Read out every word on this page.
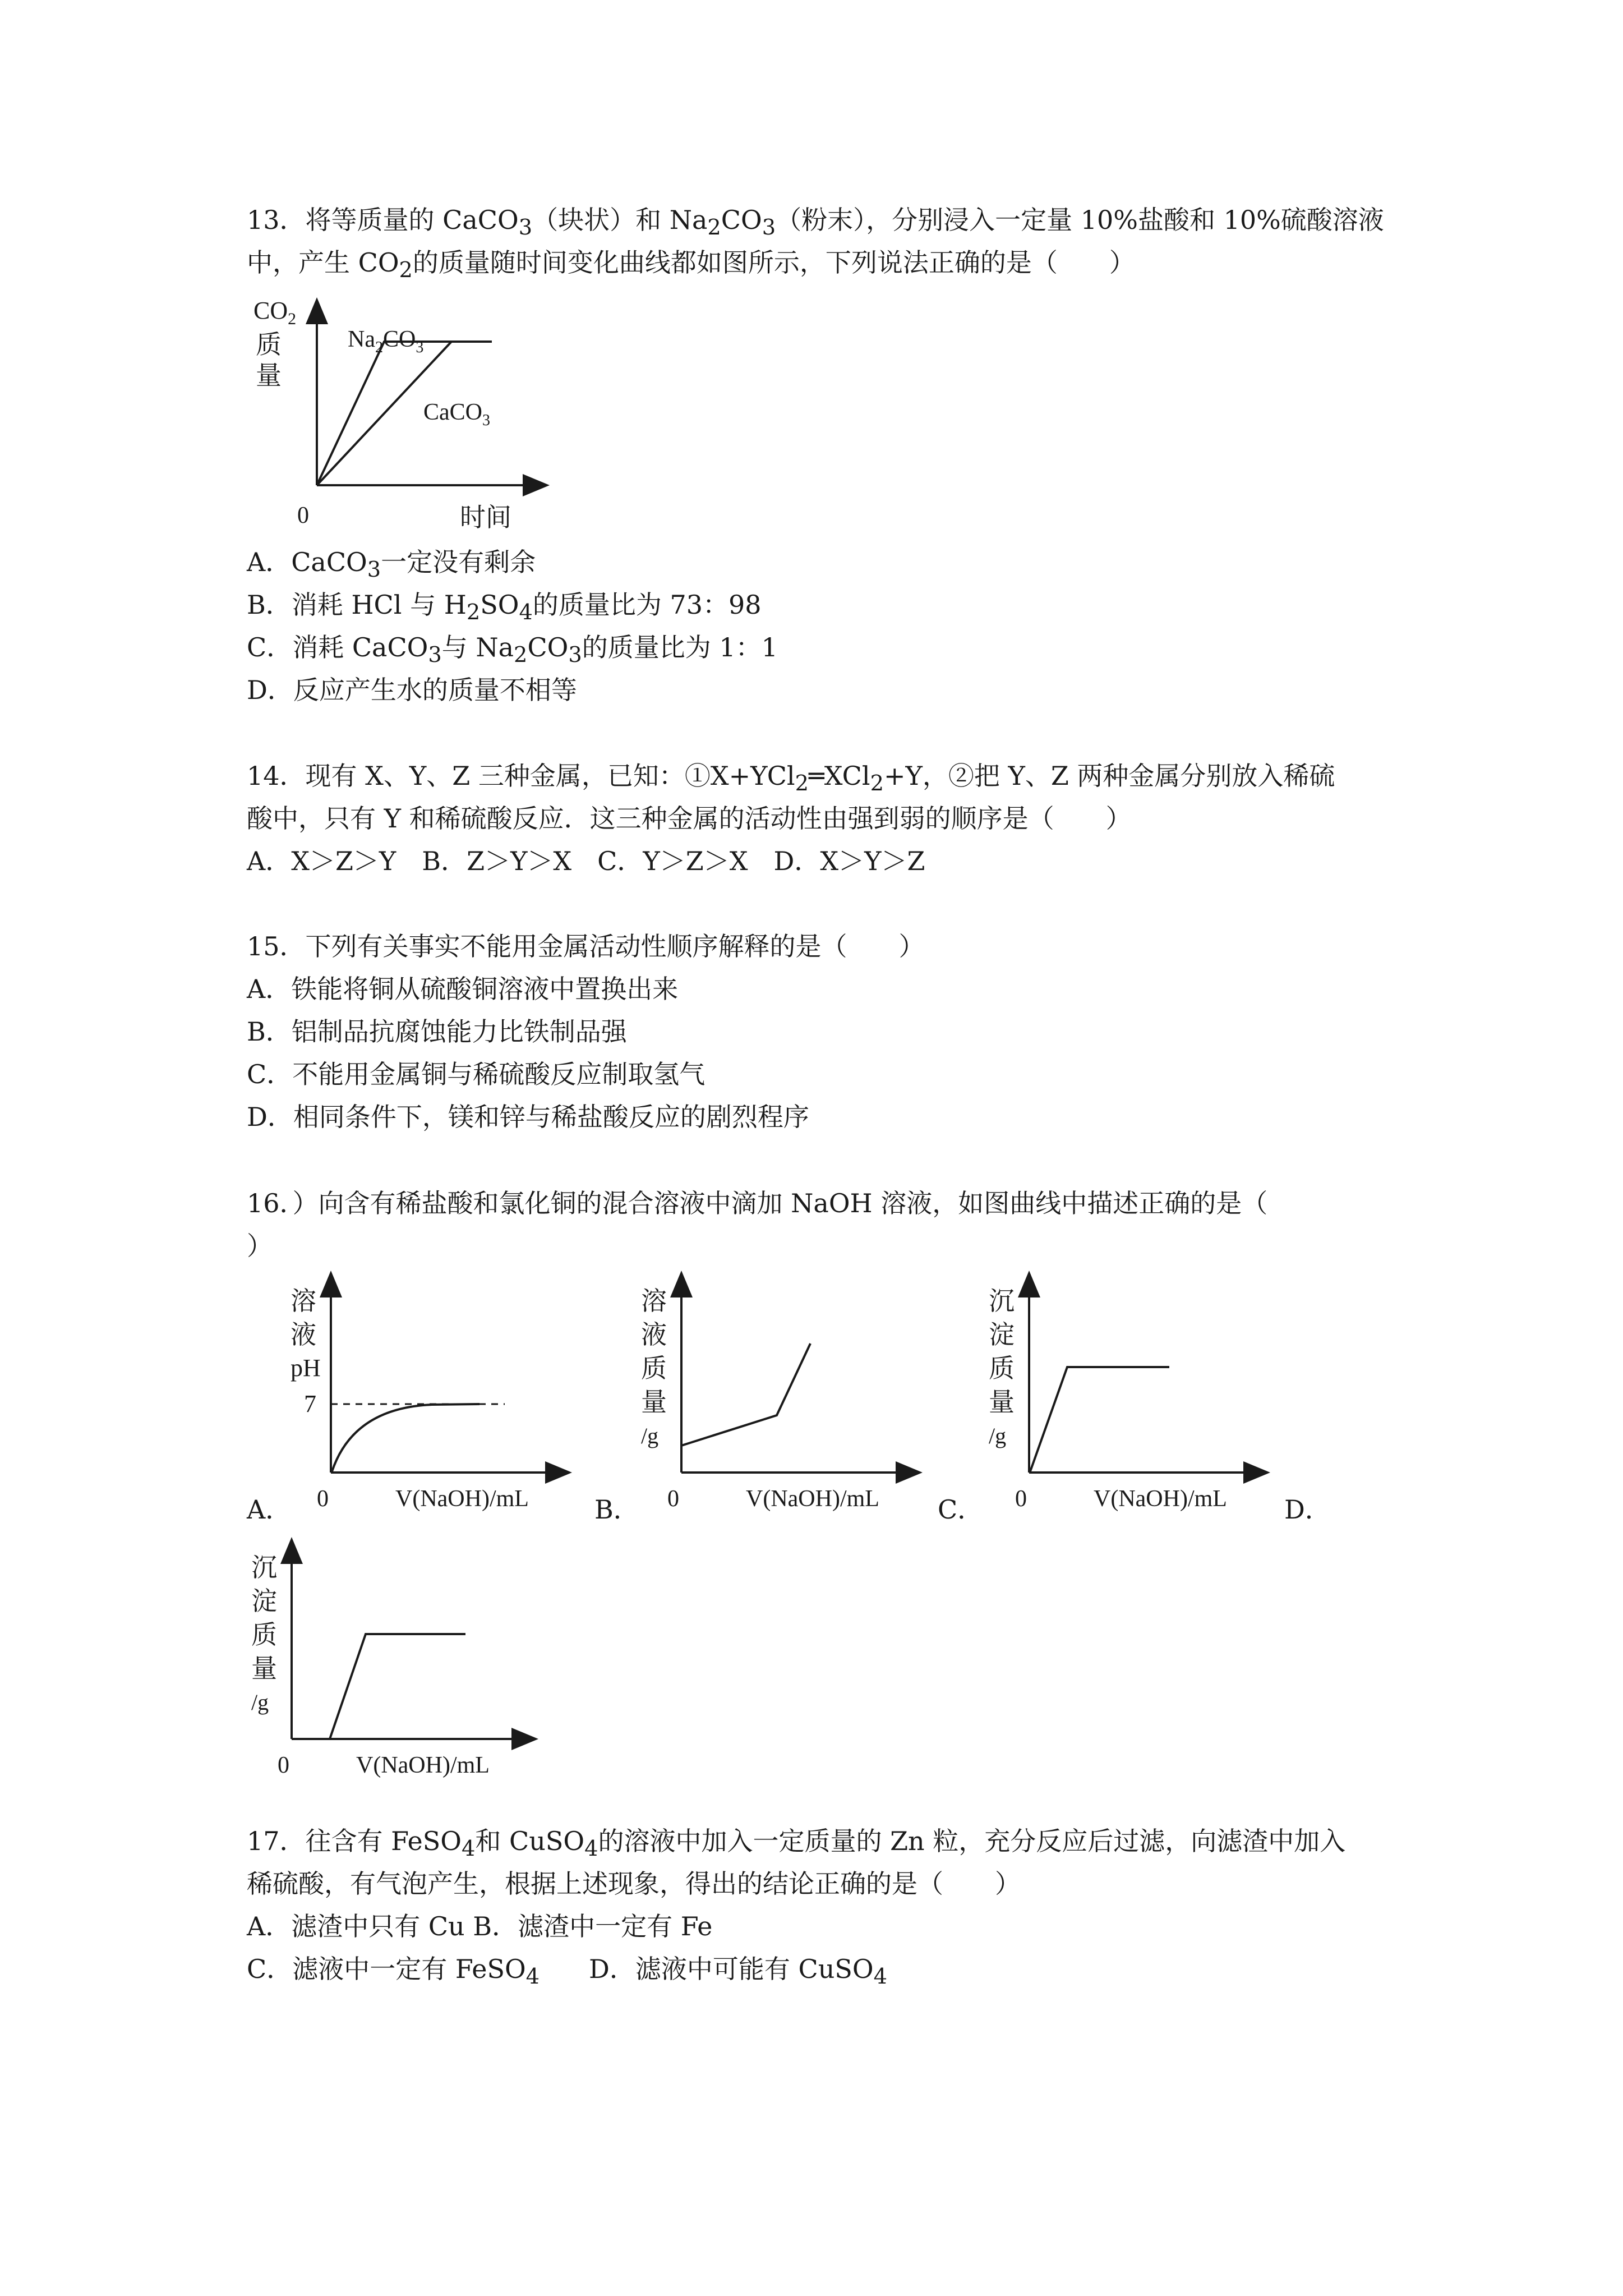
13．将等质量的 CaCO$_3$（块状）和 $Na_2CO_3$（粉末），分别浸入一定量 10%盐酸和 10%硫酸溶液
中，产生 $CO_2$的质量随时间变化曲线都如图所示，下列说法正确的是（　　）
$CO_2$
质
量
0	时间
$Na_2CO_3$
CaCO$_3$
A．CaCO$_3$一定没有剩余
B．消耗 HCl 与 $H_2SO_4$的质量比为 73：98
C．消耗 CaCO$_3$与 $Na_2CO_3$的质量比为 1：1
D．反应产生水的质量不相等
14．现有 X、Y、Z 三种金属，已知：①X+YCl$_2$═XCl$_2$+Y，②把 Y、Z 两种金属分别放入稀硫
酸中，只有 Y 和稀硫酸反应．这三种金属的活动性由强到弱的顺序是（　　）
A．X＞Z＞Y　B．Z＞Y＞X　C．Y＞Z＞X　D．X＞Y＞Z
15．下列有关事实不能用金属活动性顺序解释的是（　　）
A．铁能将铜从硫酸铜溶液中置换出来
B．铝制品抗腐蚀能力比铁制品强
C．不能用金属铜与稀硫酸反应制取氢气
D．相同条件下，镁和锌与稀盐酸反应的剧烈程序
16．）向含有稀盐酸和氯化铜的混合溶液中滴加 NaOH 溶液，如图曲线中描述正确的是（
）
溶
液
pH
7
0	V(NaOH)/mL
A．
溶
液
质
量
/g
0	V(NaOH)/mL
B．
沉
淀
质
量
/g
0	V(NaOH)/mL
C．	D．
沉
淀
质
量
/g
0	V(NaOH)/mL
17．往含有 FeSO$_4$和 CuSO$_4$的溶液中加入一定质量的 Zn 粒，充分反应后过滤，向滤渣中加入
稀硫酸，有气泡产生，根据上述现象，得出的结论正确的是（　　）
A．滤渣中只有 Cu B．滤渣中一定有 Fe
C．滤液中一定有 FeSO$_4$ D．滤液中可能有 CuSO$_4$
